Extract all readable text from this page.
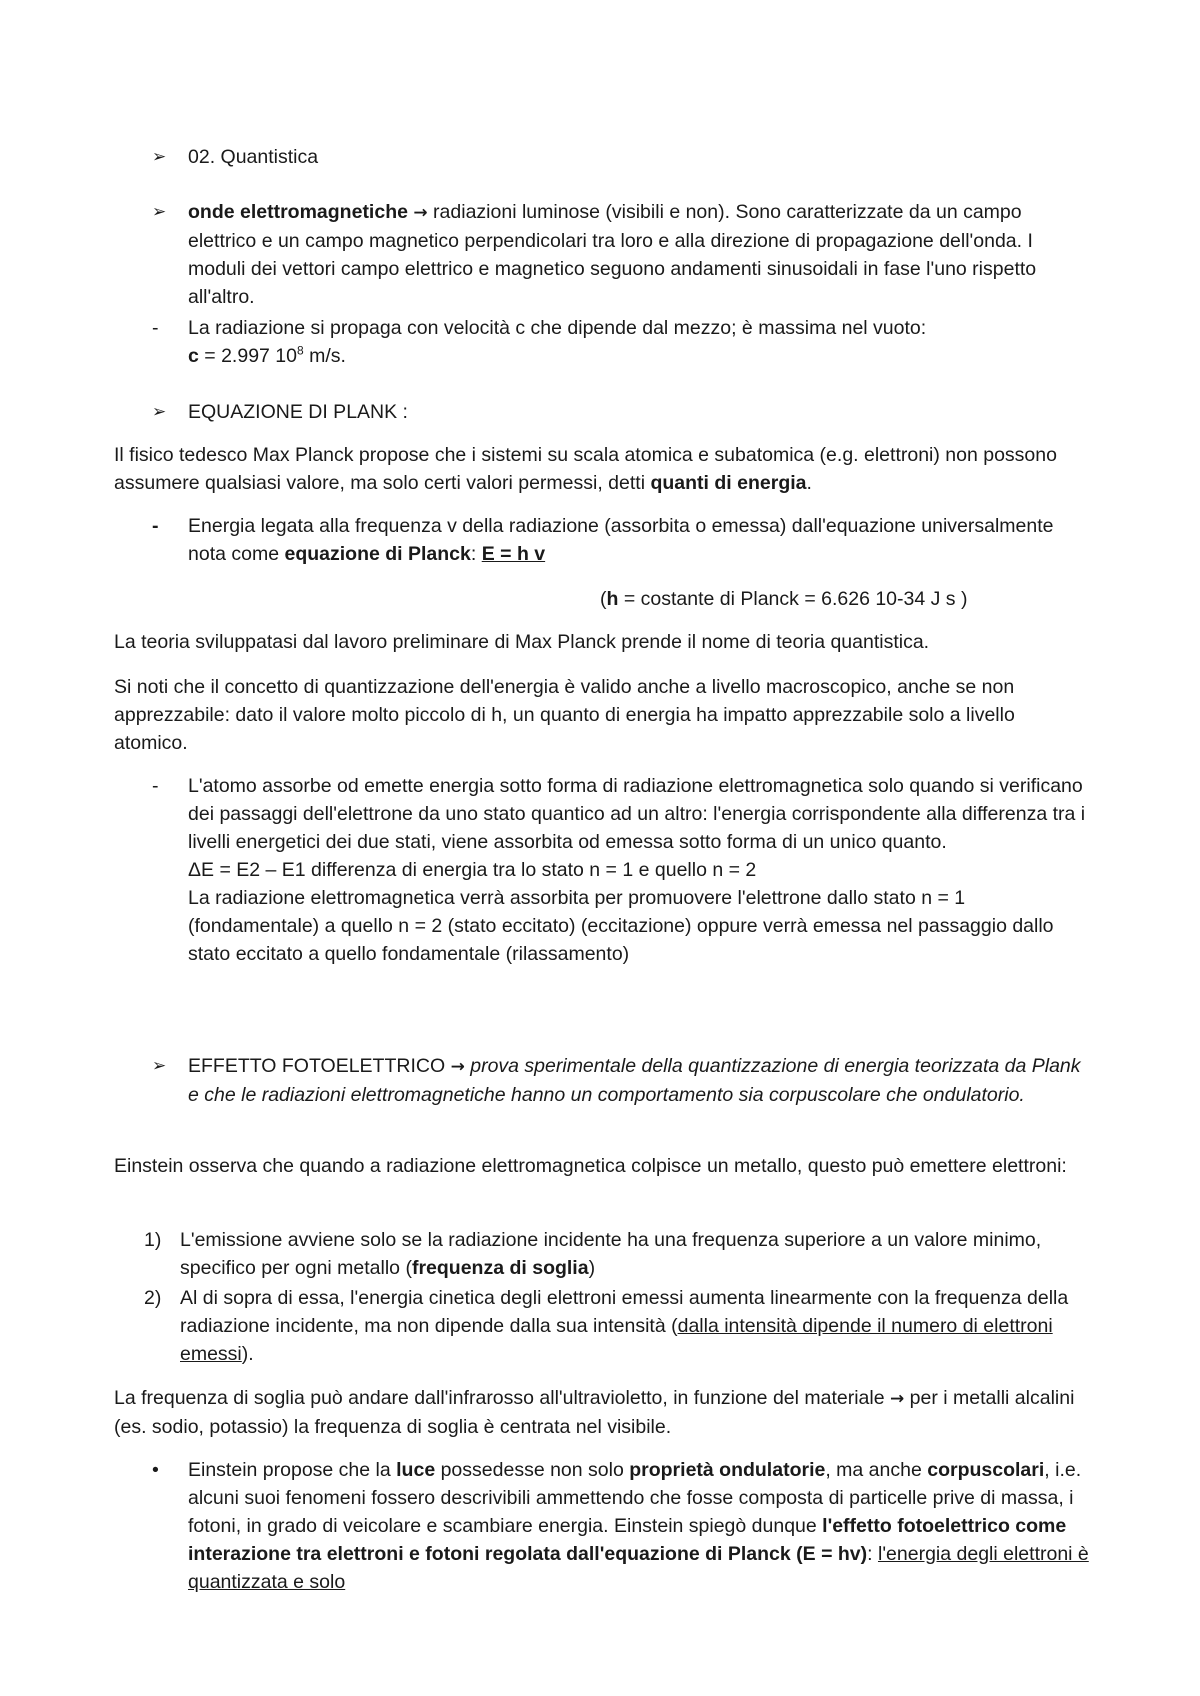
➢	02. Quantistica
➢	onde elettromagnetiche → radiazioni luminose (visibili e non). Sono caratterizzate da un campo elettrico e un campo magnetico perpendicolari tra loro e alla direzione di propagazione dell'onda. I moduli dei vettori campo elettrico e magnetico seguono andamenti sinusoidali in fase l'uno rispetto all'altro.
-	La radiazione si propaga con velocità c che dipende dal mezzo; è massima nel vuoto:
c = 2.997 $10^8$ m/s.
➢	EQUAZIONE DI PLANK :
Il fisico tedesco Max Planck propose che i sistemi su scala atomica e subatomica (e.g. elettroni) non possono assumere qualsiasi valore, ma solo certi valori permessi, detti quanti di energia.
-	Energia legata alla frequenza v della radiazione (assorbita o emessa) dall'equazione universalmente nota come equazione di Planck: E = h v
(h = costante di Planck = 6.626 10-34 J s )
La teoria sviluppatasi dal lavoro preliminare di Max Planck prende il nome di teoria quantistica.
Si noti che il concetto di quantizzazione dell'energia è valido anche a livello macroscopico, anche se non apprezzabile: dato il valore molto piccolo di h, un quanto di energia ha impatto apprezzabile solo a livello atomico.
-	L'atomo assorbe od emette energia sotto forma di radiazione elettromagnetica solo quando si verificano dei passaggi dell'elettrone da uno stato quantico ad un altro: l'energia corrispondente alla differenza tra i livelli energetici dei due stati, viene assorbita od emessa sotto forma di un unico quanto.
ΔE = E2 – E1 differenza di energia tra lo stato n = 1 e quello n = 2
La radiazione elettromagnetica verrà assorbita per promuovere l'elettrone dallo stato n = 1 (fondamentale) a quello n = 2 (stato eccitato) (eccitazione) oppure verrà emessa nel passaggio dallo stato eccitato a quello fondamentale (rilassamento)
➢	EFFETTO FOTOELETTRICO → prova sperimentale della quantizzazione di energia teorizzata da Plank e che le radiazioni elettromagnetiche hanno un comportamento sia corpuscolare che ondulatorio.
Einstein osserva che quando a radiazione elettromagnetica colpisce un metallo, questo può emettere elettroni:
1) L'emissione avviene solo se la radiazione incidente ha una frequenza superiore a un valore minimo, specifico per ogni metallo (frequenza di soglia)
2) Al di sopra di essa, l'energia cinetica degli elettroni emessi aumenta linearmente con la frequenza della radiazione incidente, ma non dipende dalla sua intensità (dalla intensità dipende il numero di elettroni emessi).
La frequenza di soglia può andare dall'infrarosso all'ultravioletto, in funzione del materiale → per i metalli alcalini (es. sodio, potassio) la frequenza di soglia è centrata nel visibile.
•	Einstein propose che la luce possedesse non solo proprietà ondulatorie, ma anche corpuscolari, i.e. alcuni suoi fenomeni fossero descrivibili ammettendo che fosse composta di particelle prive di massa, i fotoni, in grado di veicolare e scambiare energia. Einstein spiegò dunque l'effetto fotoelettrico come interazione tra elettroni e fotoni regolata dall'equazione di Planck (E = hv): l'energia degli elettroni è quantizzata e solo
